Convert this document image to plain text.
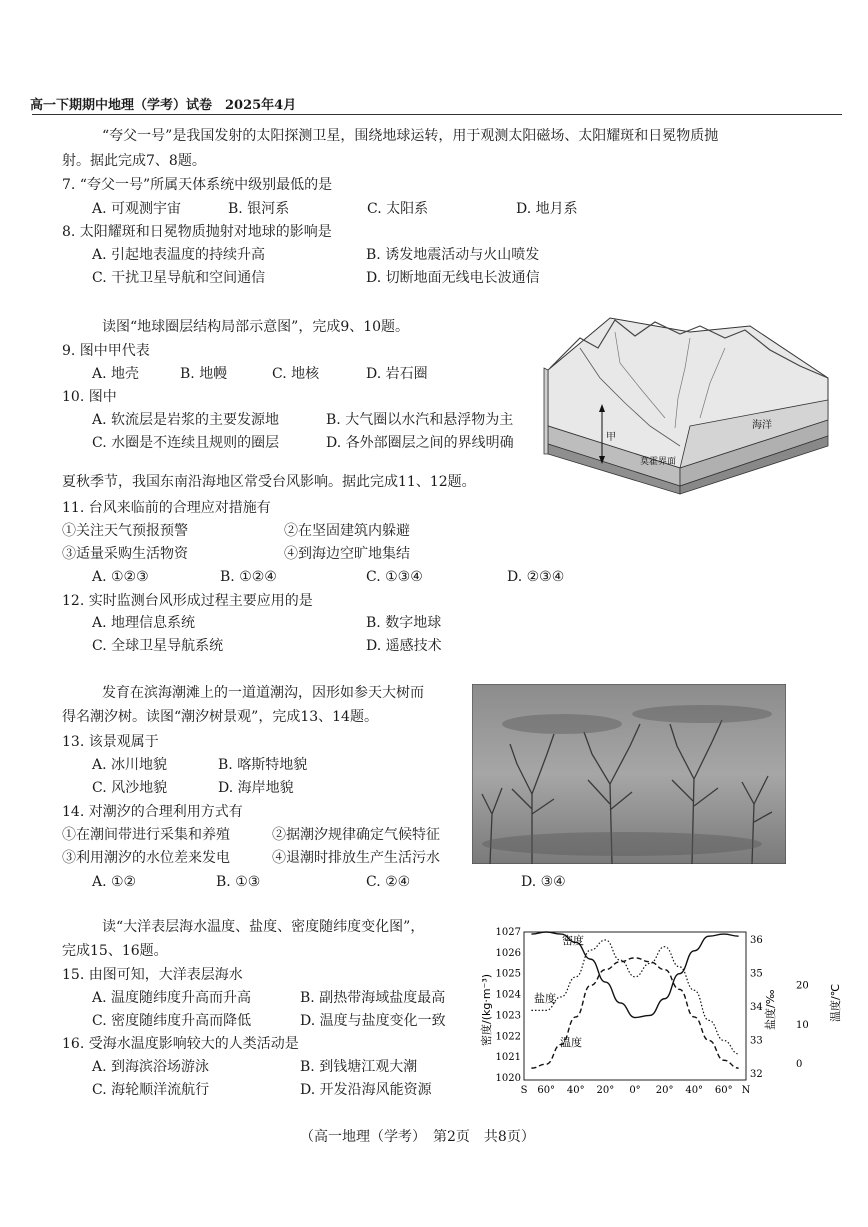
高一下期期中地理（学考）试卷　2025年4月
“夸父一号”是我国发射的太阳探测卫星，围绕地球运转，用于观测太阳磁场、太阳耀斑和日冕物质抛
射。据此完成7、8题。
7. “夸父一号”所属天体系统中级别最低的是
A. 可观测宇宙	B. 银河系	C. 太阳系	D. 地月系
8. 太阳耀斑和日冕物质抛射对地球的影响是
A. 引起地表温度的持续升高	B. 诱发地震活动与火山喷发
C. 干扰卫星导航和空间通信	D. 切断地面无线电长波通信
读图“地球圈层结构局部示意图”，完成9、10题。
9. 图中甲代表
A. 地壳	B. 地幔	C. 地核	D. 岩石圈
10. 图中
A. 软流层是岩浆的主要发源地	B. 大气圈以水汽和悬浮物为主
C. 水圈是不连续且规则的圈层	D. 各外部圈层之间的界线明确	甲
海洋
莫霍界面
夏秋季节，我国东南沿海地区常受台风影响。据此完成11、12题。
11. 台风来临前的合理应对措施有
①关注天气预报预警	②在坚固建筑内躲避
③适量采购生活物资	④到海边空旷地集结
A. ①②③	B. ①②④	C. ①③④	D. ②③④
12. 实时监测台风形成过程主要应用的是
A. 地理信息系统	B. 数字地球
C. 全球卫星导航系统	D. 遥感技术
发育在滨海潮滩上的一道道潮沟，因形如参天大树而
得名潮汐树。读图“潮汐树景观”，完成13、14题。
13. 该景观属于
A. 冰川地貌	B. 喀斯特地貌
C. 风沙地貌	D. 海岸地貌
14. 对潮汐的合理利用方式有
①在潮间带进行采集和养殖	②据潮汐规律确定气候特征
③利用潮汐的水位差来发电	④退潮时排放生产生活污水
A. ①②	B. ①③	C. ②④	D. ③④
读“大洋表层海水温度、盐度、密度随纬度变化图”，
完成15、16题。
15. 由图可知，大洋表层海水
A. 温度随纬度升高而升高	B. 副热带海域盐度最高
C. 密度随纬度升高而降低	D. 温度与盐度变化一致
16. 受海水温度影响较大的人类活动是
A. 到海滨浴场游泳	B. 到钱塘江观大潮
C. 海轮顺洋流航行	D. 开发沿海风能资源
1027
1026
1025
1024
1023
1022
1021
1020
36
35
34
33
32
20
10
0
S 60° 40° 20° 0° 20° 40° 60° N
密度
盐度
温度
密度/(kg·m⁻³)	盐度/‰	温度/℃
（高一地理（学考）　第2页　共8页）
